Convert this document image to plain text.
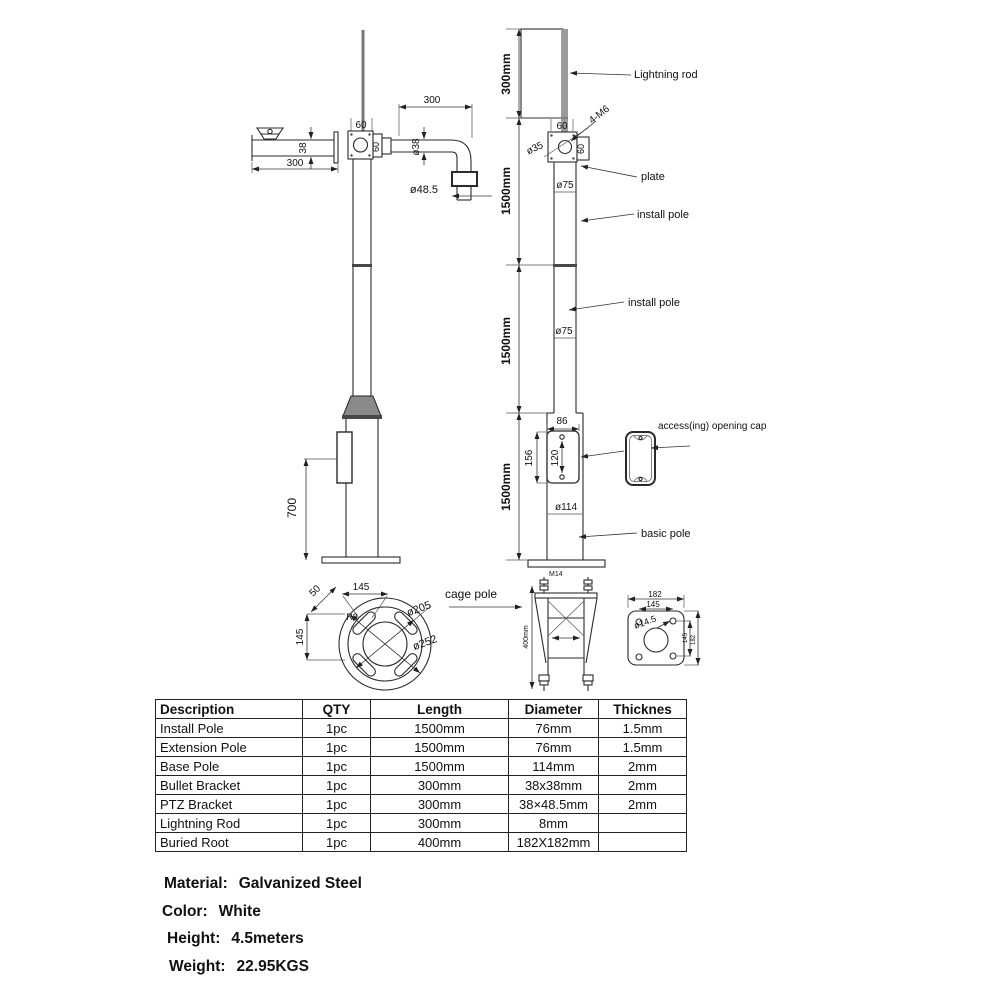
60
60
38
300
300
ø38
ø48.5
700
60
ø35
4-M6
60
plate
ø75
install pole
ø75
install pole
86
156 120
ø114
basic pole
300mm
1500mm
1500mm
1500mm
Lightning rod
access(ing) opening cap
145
50
R8	ø205
ø252
145
cage pole
M14
400mm
182
145
ø14.5
145 182
Description	QTY	Length	Diameter	Thicknes
Install Pole	1pc	1500mm	76mm	1.5mm
Extension Pole	1pc	1500mm	76mm	1.5mm
Base Pole	1pc	1500mm	114mm	2mm
Bullet Bracket	1pc	300mm	38x38mm	2mm
PTZ Bracket	1pc	300mm	38×48.5mm	2mm
Lightning Rod	1pc	300mm	8mm	
Buried Root	1pc	400mm	182X182mm	
Material: Galvanized Steel
Color: White
Height: 4.5meters
Weight: 22.95KGS
